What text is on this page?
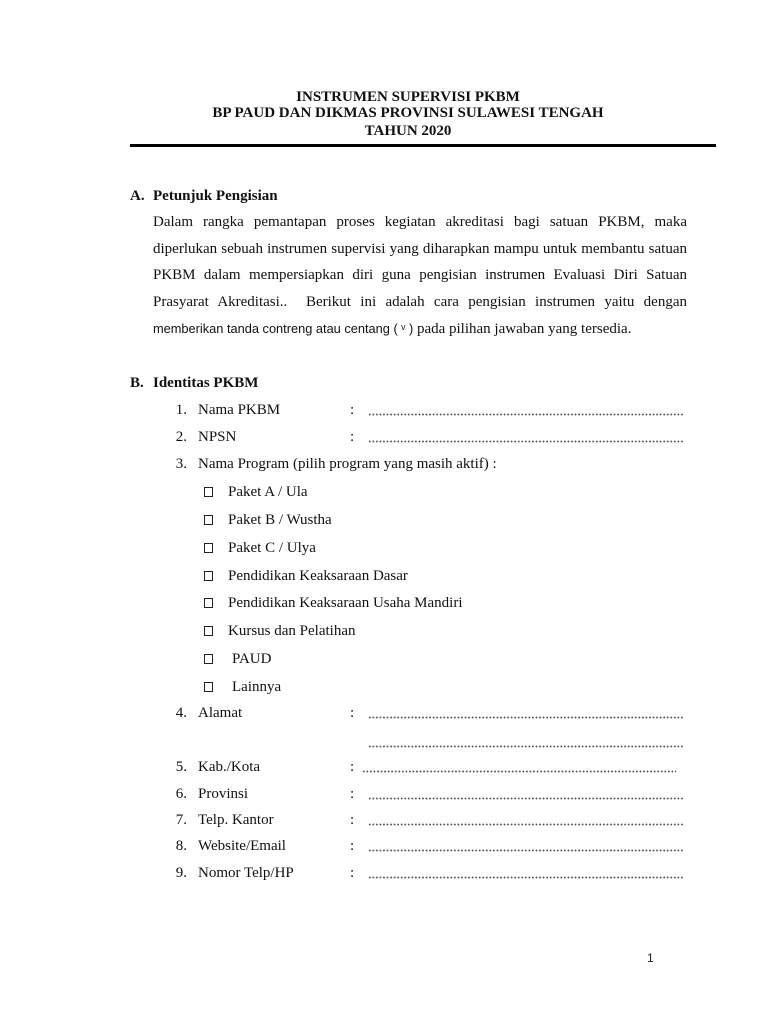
INSTRUMEN SUPERVISI PKBM
BP PAUD DAN DIKMAS PROVINSI SULAWESI TENGAH
TAHUN 2020
A. Petunjuk Pengisian
Dalam rangka pemantapan proses kegiatan akreditasi bagi satuan PKBM, maka
diperlukan sebuah instrumen supervisi yang diharapkan mampu untuk membantu satuan
PKBM dalam mempersiapkan diri guna pengisian instrumen Evaluasi Diri Satuan
Prasyarat Akreditasi..  Berikut ini adalah cara pengisian instrumen yaitu dengan
memberikan tanda contreng atau centang ( ᵛ ) pada pilihan jawaban yang tersedia.
B. Identitas PKBM
1. Nama PKBM	:
2. NPSN	:
3. Nama Program (pilih program yang masih aktif) :
Paket A / Ula
Paket B / Wustha
Paket C / Ulya
Pendidikan Keaksaraan Dasar
Pendidikan Keaksaraan Usaha Mandiri
Kursus dan Pelatihan
PAUD
Lainnya
4. Alamat	:
5. Kab./Kota	:
6. Provinsi	:
7. Telp. Kantor	:
8. Website/Email	:
9. Nomor Telp/HP	:
1
